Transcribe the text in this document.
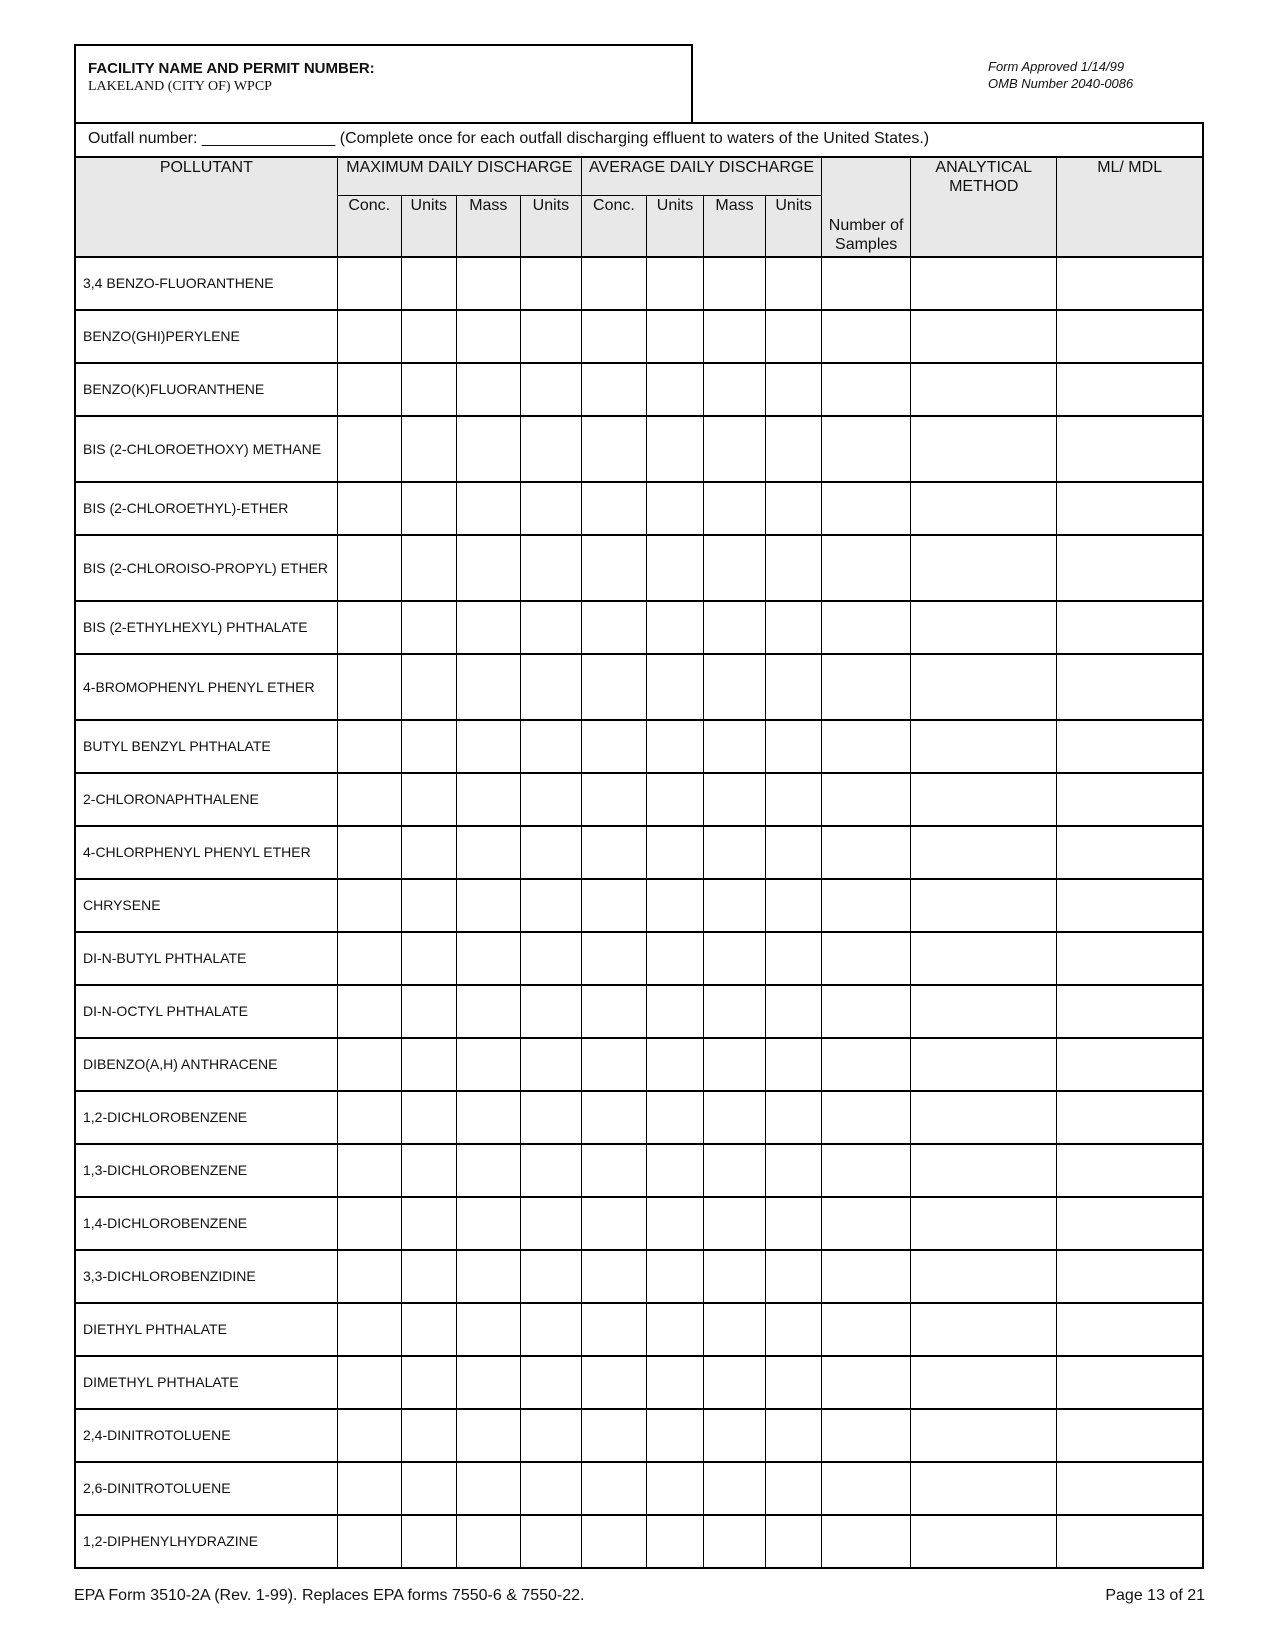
FACILITY NAME AND PERMIT NUMBER:
LAKELAND (CITY OF) WPCP
Form Approved 1/14/99
OMB Number 2040-0086
Outfall number: _______________ (Complete once for each outfall discharging effluent to waters of the United States.)
POLLUTANT	MAXIMUM DAILY DISCHARGE				AVERAGE DAILY DISCHARGE				Number of Samples	ANALYTICAL METHOD	ML/ MDL
	Conc.	Units	Mass	Units	Conc.	Units	Mass	Units			
3,4 BENZO-FLUORANTHENE											
BENZO(GHI)PERYLENE											
BENZO(K)FLUORANTHENE											
BIS (2-CHLOROETHOXY) METHANE											
BIS (2-CHLOROETHYL)-ETHER											
BIS (2-CHLOROISO-PROPYL) ETHER											
BIS (2-ETHYLHEXYL) PHTHALATE											
4-BROMOPHENYL PHENYL ETHER											
BUTYL BENZYL PHTHALATE											
2-CHLORONAPHTHALENE											
4-CHLORPHENYL PHENYL ETHER											
CHRYSENE											
DI-N-BUTYL PHTHALATE											
DI-N-OCTYL PHTHALATE											
DIBENZO(A,H) ANTHRACENE											
1,2-DICHLOROBENZENE											
1,3-DICHLOROBENZENE											
1,4-DICHLOROBENZENE											
3,3-DICHLOROBENZIDINE											
DIETHYL PHTHALATE											
DIMETHYL PHTHALATE											
2,4-DINITROTOLUENE											
2,6-DINITROTOLUENE											
1,2-DIPHENYLHYDRAZINE											
EPA Form 3510-2A (Rev. 1-99). Replaces EPA forms 7550-6 & 7550-22.	Page 13 of 21
